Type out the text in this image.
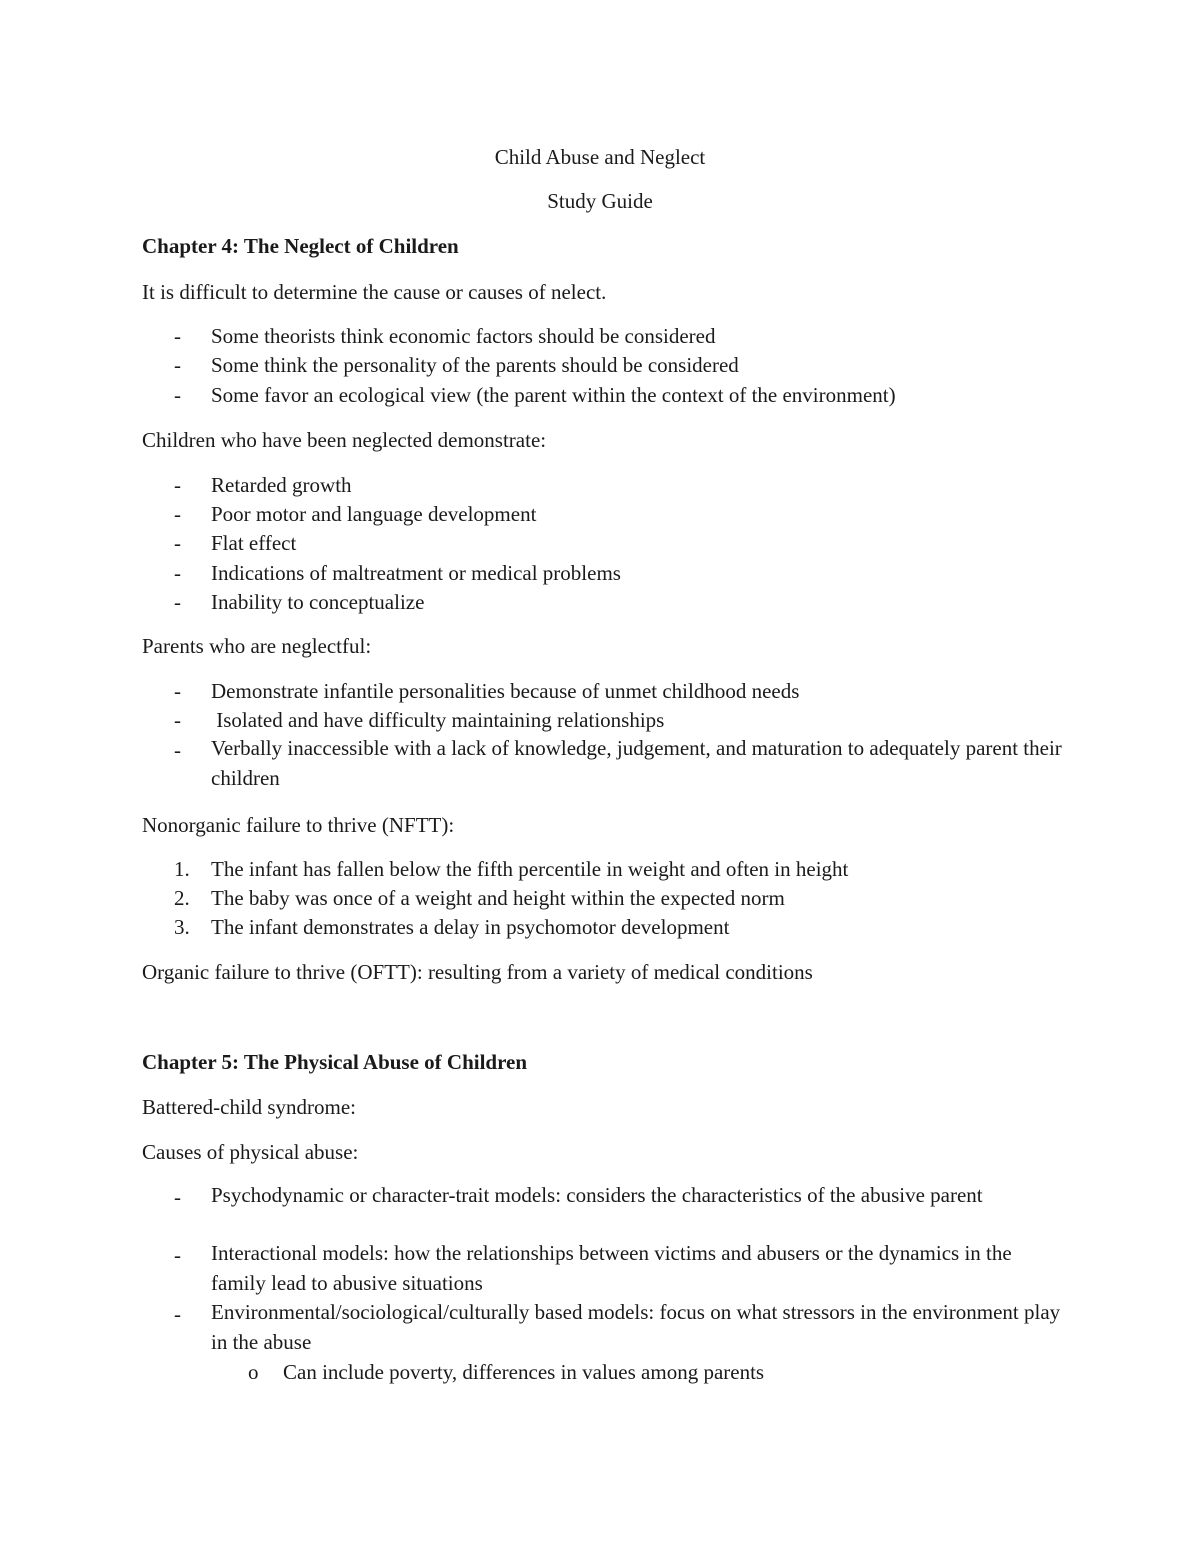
Child Abuse and Neglect
Study Guide
Chapter 4: The Neglect of Children
It is difficult to determine the cause or causes of nelect.
-	Some theorists think economic factors should be considered
-	Some think the personality of the parents should be considered
-	Some favor an ecological view (the parent within the context of the environment)
Children who have been neglected demonstrate:
-	Retarded growth
-	Poor motor and language development
-	Flat effect
-	Indications of maltreatment or medical problems
-	Inability to conceptualize
Parents who are neglectful:
-	Demonstrate infantile personalities because of unmet childhood needs
-	Isolated and have difficulty maintaining relationships
-	Verbally inaccessible with a lack of knowledge, judgement, and maturation to adequately parent their children
Nonorganic failure to thrive (NFTT):
1.	The infant has fallen below the fifth percentile in weight and often in height
2.	The baby was once of a weight and height within the expected norm
3.	The infant demonstrates a delay in psychomotor development
Organic failure to thrive (OFTT): resulting from a variety of medical conditions
Chapter 5: The Physical Abuse of Children
Battered-child syndrome:
Causes of physical abuse:
-	Psychodynamic or character-trait models: considers the characteristics of the abusive parent
-	Interactional models: how the relationships between victims and abusers or the dynamics in the family lead to abusive situations
-	Environmental/sociological/culturally based models: focus on what stressors in the environment play in the abuse
o Can include poverty, differences in values among parents
